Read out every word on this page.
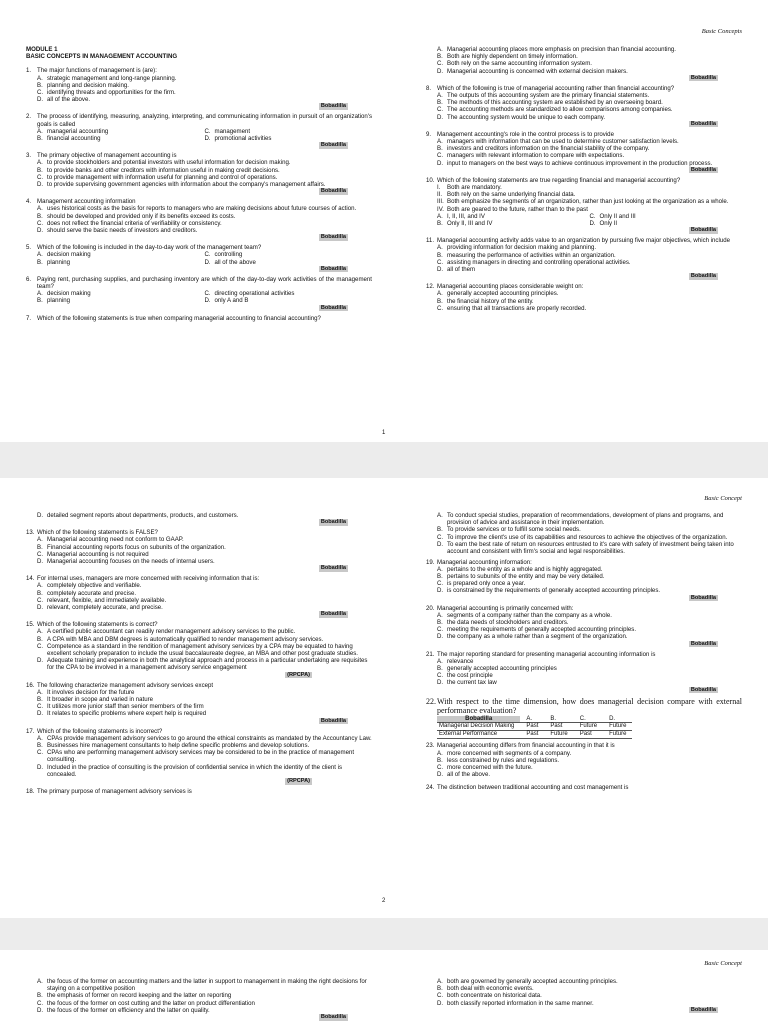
Basic Concepts
MODULE 1
BASIC CONCEPTS IN MANAGEMENT ACCOUNTING
1. The major functions of management is (are):
A. strategic management and long-range planning.
B. planning and decision making.
C. identifying threats and opportunities for the firm.
D. all of the above.
Bobadilla
2. The process of identifying, measuring, analyzing, interpreting, and communicating information in pursuit of an organization's goals is called
A. managerial accounting	C. management
B. financial accounting	D. promotional activities
Bobadilla
3. The primary objective of management accounting is
A. to provide stockholders and potential investors with useful information for decision making.
B. to provide banks and other creditors with information useful in making credit decisions.
C. to provide management with information useful for planning and control of operations.
D. to provide supervising government agencies with information about the company's management affairs.
Bobadilla
4. Management accounting information
A. uses historical costs as the basis for reports to managers who are making decisions about future courses of action.
B. should be developed and provided only if its benefits exceed its costs.
C. does not reflect the financial criteria of verifiability or consistency.
D. should serve the basic needs of investors and creditors.
Bobadilla
5. Which of the following is included in the day-to-day work of the management team?
A. decision making	C. controlling
B. planning	D. all of the above
Bobadilla
6. Paying rent, purchasing supplies, and purchasing inventory are which of the day-to-day work activities of the management team?
A. decision making	C. directing operational activities
B. planning	D. only A and B
Bobadilla
7. Which of the following statements is true when comparing managerial accounting to financial accounting?
A. Managerial accounting places more emphasis on precision than financial accounting.
B. Both are highly dependent on timely information.
C. Both rely on the same accounting information system.
D. Managerial accounting is concerned with external decision makers.
Bobadilla
8. Which of the following is true of managerial accounting rather than financial accounting?
A. The outputs of this accounting system are the primary financial statements.
B. The methods of this accounting system are established by an overseeing board.
C. The accounting methods are standardized to allow comparisons among companies.
D. The accounting system would be unique to each company.
Bobadilla
9. Management accounting's role in the control process is to provide
A. managers with information that can be used to determine customer satisfaction levels.
B. investors and creditors information on the financial stability of the company.
C. managers with relevant information to compare with expectations.
D. input to managers on the best ways to achieve continuous improvement in the production process.
Bobadilla
10. Which of the following statements are true regarding financial and managerial accounting?
I.	Both are mandatory.
II. Both rely on the same underlying financial data.
III. Both emphasize the segments of an organization, rather than just looking at the organization as a whole.
IV. Both are geared to the future, rather than to the past
A. I, II, III, and IV	C. Only II and III
B. Only II, III and IV	D. Only II
Bobadilla
11. Managerial accounting activity adds value to an organization by pursuing five major objectives, which include
A. providing information for decision making and planning.
B. measuring the performance of activities within an organization.
C. assisting managers in directing and controlling operational activities.
D. all of them
Bobadilla
12. Managerial accounting places considerable weight on:
A. generally accepted accounting principles.
B. the financial history of the entity.
C. ensuring that all transactions are properly recorded.
1
Basic Concept
D. detailed segment reports about departments, products, and customers.
Bobadilla
13. Which of the following statements is FALSE?
A. Managerial accounting need not conform to GAAP.
B. Financial accounting reports focus on subunits of the organization.
C. Managerial accounting is not required
D. Managerial accounting focuses on the needs of internal users.
Bobadilla
14. For internal uses, managers are more concerned with receiving information that is:
A. completely objective and verifiable.
B. completely accurate and precise.
C. relevant, flexible, and immediately available.
D. relevant, completely accurate, and precise.
Bobadilla
15. Which of the following statements is correct?
A. A certified public accountant can readily render management advisory services to the public.
B. A CPA with MBA and DBM degrees is automatically qualified to render management advisory services.
C. Competence as a standard in the rendition of management advisory services by a CPA may be equated to having excellent scholarly preparation to include the usual baccalaureate degree, an MBA and other post graduate studies.
D. Adequate training and experience in both the analytical approach and process in a particular undertaking are requisites for the CPA to be involved in a management advisory service engagement
(RPCPA)
16. The following characterize management advisory services except
A. It involves decision for the future
B. It broader in scope and varied in nature
C. It utilizes more junior staff than senior members of the firm
D. It relates to specific problems where expert help is required
Bobadilla
17. Which of the following statements is incorrect?
A. CPAs provide management advisory services to go around the ethical constraints as mandated by the Accountancy Law.
B. Businesses hire management consultants to help define specific problems and develop solutions.
C. CPAs who are performing management advisory services may be considered to be in the practice of management consulting.
D. Included in the practice of consulting is the provision of confidential service in which the identity of the client is concealed.
(RPCPA)
18. The primary purpose of management advisory services is
A. To conduct special studies, preparation of recommendations, development of plans and programs, and provision of advice and assistance in their implementation.
B. To provide services or to fulfill some social needs.
C. To improve the client's use of its capabilities and resources to achieve the objectives of the organization.
D. To earn the best rate of return on resources entrusted to it's care with safety of investment being taken into account and consistent with firm's social and legal responsibilities.
19. Managerial accounting information:
A. pertains to the entity as a whole and is highly aggregated.
B. pertains to subunits of the entity and may be very detailed.
C. is prepared only once a year.
D. is constrained by the requirements of generally accepted accounting principles.
Bobadilla
20. Managerial accounting is primarily concerned with:
A. segments of a company rather than the company as a whole.
B. the data needs of stockholders and creditors.
C. meeting the requirements of generally accepted accounting principles.
D. the company as a whole rather than a segment of the organization.
Bobadilla
21. The major reporting standard for presenting managerial accounting information is
A. relevance
B. generally accepted accounting principles
C. the cost principle
D. the current tax law
Bobadilla
22. With respect to the time dimension, how does managerial decision compare with external performance evaluation?
Bobadilla	A.	B.	C.	D.
Managerial Decision Making	Past	Past	Future	Future
External Performance	Past	Future	Past	Future
23. Managerial accounting differs from financial accounting in that it is
A. more concerned with segments of a company.
B. less constrained by rules and regulations.
C. more concerned with the future.
D. all of the above.
24. The distinction between traditional accounting and cost management is
2
Basic Concept
A. the focus of the former on accounting matters and the latter in support to management in making the right decisions for staying on a competitive position
B. the emphasis of former on record keeping and the latter on reporting
C. the focus of the former on cost cutting and the latter on product differentiation
D. the focus of the former on efficiency and the latter on quality.
Bobadilla
A. both are governed by generally accepted accounting principles.
B. both deal with economic events.
C. both concentrate on historical data.
D. both classify reported information in the same manner.
Bobadilla
